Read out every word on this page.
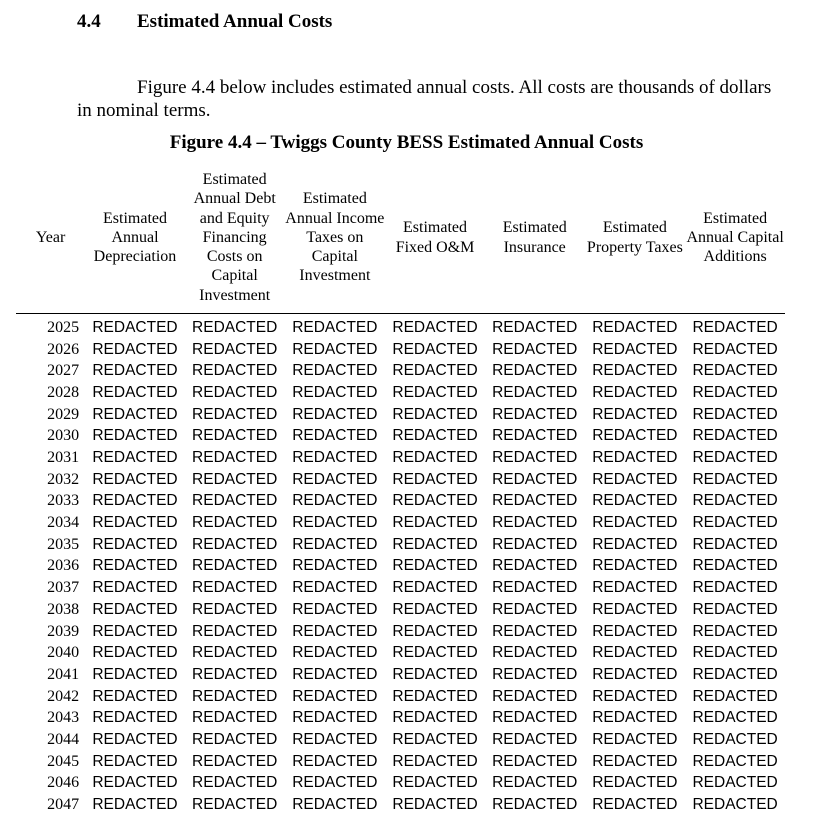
4.4 Estimated Annual Costs

Figure 4.4 below includes estimated annual costs. All costs are thousands of dollars in nominal terms.

Figure 4.4 – Twiggs County BESS Estimated Annual Costs
Year	Estimated Annual Depreciation	Estimated Annual Debt and Equity Financing Costs on Capital Investment	Estimated Annual Income Taxes on Capital Investment	Estimated Fixed O&M	Estimated Insurance	Estimated Property Taxes	Estimated Annual Capital Additions
2025	REDACTED	REDACTED	REDACTED	REDACTED	REDACTED	REDACTED	REDACTED
2026	REDACTED	REDACTED	REDACTED	REDACTED	REDACTED	REDACTED	REDACTED
2027	REDACTED	REDACTED	REDACTED	REDACTED	REDACTED	REDACTED	REDACTED
2028	REDACTED	REDACTED	REDACTED	REDACTED	REDACTED	REDACTED	REDACTED
2029	REDACTED	REDACTED	REDACTED	REDACTED	REDACTED	REDACTED	REDACTED
2030	REDACTED	REDACTED	REDACTED	REDACTED	REDACTED	REDACTED	REDACTED
2031	REDACTED	REDACTED	REDACTED	REDACTED	REDACTED	REDACTED	REDACTED
2032	REDACTED	REDACTED	REDACTED	REDACTED	REDACTED	REDACTED	REDACTED
2033	REDACTED	REDACTED	REDACTED	REDACTED	REDACTED	REDACTED	REDACTED
2034	REDACTED	REDACTED	REDACTED	REDACTED	REDACTED	REDACTED	REDACTED
2035	REDACTED	REDACTED	REDACTED	REDACTED	REDACTED	REDACTED	REDACTED
2036	REDACTED	REDACTED	REDACTED	REDACTED	REDACTED	REDACTED	REDACTED
2037	REDACTED	REDACTED	REDACTED	REDACTED	REDACTED	REDACTED	REDACTED
2038	REDACTED	REDACTED	REDACTED	REDACTED	REDACTED	REDACTED	REDACTED
2039	REDACTED	REDACTED	REDACTED	REDACTED	REDACTED	REDACTED	REDACTED
2040	REDACTED	REDACTED	REDACTED	REDACTED	REDACTED	REDACTED	REDACTED
2041	REDACTED	REDACTED	REDACTED	REDACTED	REDACTED	REDACTED	REDACTED
2042	REDACTED	REDACTED	REDACTED	REDACTED	REDACTED	REDACTED	REDACTED
2043	REDACTED	REDACTED	REDACTED	REDACTED	REDACTED	REDACTED	REDACTED
2044	REDACTED	REDACTED	REDACTED	REDACTED	REDACTED	REDACTED	REDACTED
2045	REDACTED	REDACTED	REDACTED	REDACTED	REDACTED	REDACTED	REDACTED
2046	REDACTED	REDACTED	REDACTED	REDACTED	REDACTED	REDACTED	REDACTED
2047	REDACTED	REDACTED	REDACTED	REDACTED	REDACTED	REDACTED	REDACTED
